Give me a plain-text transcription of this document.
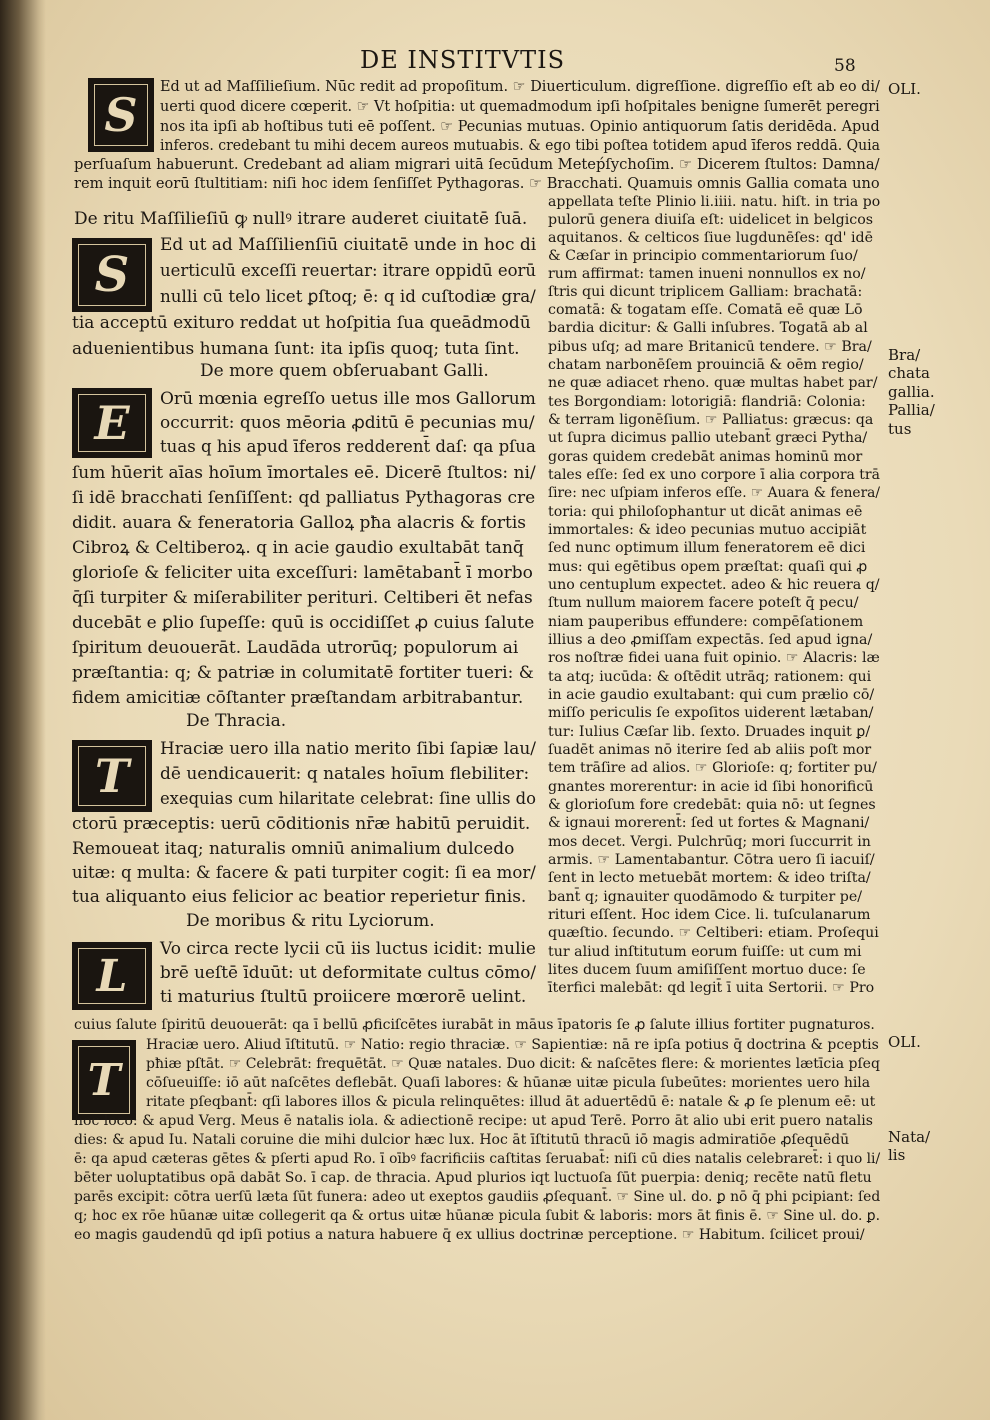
DE INSTITVTIS	58
S
S
E
T
L
T
Ed ut ad Maſſilieſium. Nūc redit ad propoſitum. ☞ Diuerticulum. digreſſione. digreſſio eſt ab eo di/
uerti quod dicere cœperit. ☞ Vt hoſpitia: ut quemadmodum ipſi hoſpitales benigne ſumerēt peregri
nos ita ipſi ab hoſtibus tuti eē poſſent. ☞ Pecunias mutuas. Opinio antiquorum ſatis deridēda. Apud
inferos. credebant tu mihi decem aureos mutuabis. & ego tibi poſtea totidem apud īferos reddā. Quia
perſuaſum habuerunt. Credebant ad aliam migrari uitā ſecūdum Meteṕſychoſim. ☞ Dicerem ſtultos: Damna/
rem inquit eorū ſtultitiam: niſi hoc idem ſenſiſſet Pythagoras. ☞ Bracchati. Quamuis omnis Gallia comata uno
De ritu Maſſilieſiū ꝙ nullꝰ itrare auderet ciuitatē ſuā.
Ed ut ad Maſſilienſiū ciuitatē unde in hoc di
uerticulū exceſſi reuertar: itrare oppidū eorū
nulli cū telo licet ꝑſtoq; ē: q id cuſtodiæ gra/
tia acceptū exituro reddat ut hoſpitia ſua queādmodū
aduenientibus humana ſunt: ita ipſis quoq; tuta ſint.
De more quem obſeruabant Galli.
Orū mœnia egreſſo uetus ille mos Gallorum
occurrit: quos mēoria ꝓditū ē pecunias mu/
tuas q his apud īferos redderent̄ daſ: qa pſua
ſum hūerit aīas hoīum īmortales eē. Dicerē ſtultos: ni/
ſi idē bracchati ſenſiſſent: qd palliatus Pythagoras cre
didit. auara & feneratoria Galloꝝ pħa alacris & fortis
Cibroꝝ & Celtiberoꝝ. q in acie gaudio exultabāt tanq̄
glorioſe & feliciter uita exceſſuri: lamētabant̄ ī morbo
q̄ſi turpiter & miſerabiliter perituri. Celtiberi ēt nefas
ducebāt e ꝑlio ſupeſſe: quū is occidiſſet ꝓ cuius ſalute
ſpiritum deuouerāt. Laudāda utrorūq; populorum ai
præſtantia: q; & patriæ in columitatē fortiter tueri: &
fidem amicitiæ cōſtanter præſtandam arbitrabantur.
De Thracia.
Hraciæ uero illa natio merito ſibi ſapiæ lau/
dē uendicauerit: q natales hoīum flebiliter:
exequias cum hilaritate celebrat: ſine ullis do
ctorū præceptis: uerū cōditionis nr̄æ habitū peruidit.
Remoueat itaq; naturalis omniū animalium dulcedo
uitæ: q multa: & facere & pati turpiter cogit: ſi ea mor/
tua aliquanto eius felicior ac beatior reperietur finis.
De moribus & ritu Lyciorum.
Vo circa recte lycii cū iis luctus icidit: mulie
brē ueſtē īduūt: ut deformitate cultus cōmo/
ti maturius ſtultū proiicere mœrorē uelint.
appellata teſte Plinio li.iiii. natu. hiſt. in tria po
pulorū genera diuiſa eſt: uidelicet in belgicos
aquitanos. & celticos ſiue lugdunēſes: qd' idē
& Cæſar in principio commentariorum ſuo/
rum affirmat: tamen inueni nonnullos ex no/
ſtris qui dicunt triplicem Galliam: brachatā:
comatā: & togatam eſſe. Comatā eē quæ Lō
bardia dicitur: & Galli inſubres. Togatā ab al
pibus uſq; ad mare Britanicū tendere. ☞ Bra/
chatam narbonēſem prouinciā & oēm regio/
ne quæ adiacet rheno. quæ multas habet par/
tes Borgondiam: lotorigiā: flandriā: Colonia:
& terram ligonēſium. ☞ Palliatus: græcus: qa
ut ſupra dicimus pallio utebant̄ græci Pytha/
goras quidem credebāt animas hominū mor
tales eſſe: ſed ex uno corpore ī alia corpora trā
ſire: nec uſpiam inferos eſſe. ☞ Auara & fenera/
toria: qui philoſophantur ut dicāt animas eē
immortales: & ideo pecunias mutuo accipiāt
ſed nunc optimum illum feneratorem eē dici
mus: qui egētibus opem præſtat: quaſi qui ꝓ
uno centuplum expectet. adeo & hic reuera q/
ſtum nullum maiorem facere poteſt q̄ pecu/
niam pauperibus effundere: compēſationem
illius a deo ꝓmiſſam expectās. ſed apud igna/
ros noſtræ fidei uana fuit opinio. ☞ Alacris: læ
ta atq; iucūda: & oſtēdit utrāq; rationem: qui
in acie gaudio exultabant: qui cum prælio cō/
miſſo periculis ſe expoſitos uiderent lætaban/
tur: Iulius Cæſar lib. ſexto. Druades inquit ꝑ/
ſuadēt animas nō iterire ſed ab aliis poſt mor
tem trāſire ad alios. ☞ Glorioſe: q; fortiter pu/
gnantes morerentur: in acie id ſibi honorificū
& glorioſum fore credebāt: quia nō: ut ſegnes
& ignaui morerent̄: ſed ut fortes & Magnani/
mos decet. Vergi. Pulchrūq; mori ſuccurrit in
armis. ☞ Lamentabantur. Cōtra uero ſi iacuiſ/
ſent in lecto metuebāt mortem: & ideo triſta/
bant̄ q; ignauiter quodāmodo & turpiter pe/
rituri eſſent. Hoc idem Cice. li. tuſculanarum
quæſtio. ſecundo. ☞ Celtiberi: etiam. Proſequi
tur aliud inſtitutum eorum fuiſſe: ut cum mi
lites ducem ſuum amiſiſſent mortuo duce: ſe
īterfici malebāt: qd legit̄ ī uita Sertorii. ☞ Pro
cuius ſalute ſpiritū deuouerāt: qa ī bellū ꝓficiſcētes iurabāt in māus īpatoris ſe ꝓ ſalute illius fortiter pugnaturos.
Hraciæ uero. Aliud īſtitutū. ☞ Natio: regio thraciæ. ☞ Sapientiæ: nā re ipſa potius q̄ doctrina & pceptis
pħiæ pſtāt. ☞ Celebrāt: frequētāt. ☞ Quæ natales. Duo dicit: & naſcētes flere: & morientes lætīcia pſeq
cōſueuiſſe: iō aūt naſcētes deflebāt. Quaſi labores: & hūanæ uitæ picula ſubeūtes: morientes uero hila
ritate pſeqbant̄: qſi labores illos & picula relinquētes: illud āt aduertēdū ē: natale & ꝓ ſe plenum eē: ut
hoc loco: & apud Verg. Meus ē natalis iola. & adiectionē recipe: ut apud Terē. Porro āt alio ubi erit puero natalis
dies: & apud Iu. Natali coruine die mihi dulcior hæc lux. Hoc āt īſtitutū thracū iō magis admiratiōe ꝓſequēdū
ē: qa apud cæteras gētes & pſerti apud Ro. ī oībꝰ facrificiis caſtitas ſeruabat̄: niſi cū dies natalis celebraret̄: i quo li/
bēter uoluptatibus opā dabāt So. ī cap. de thracia. Apud plurios iqt luctuoſa ſūt puerpia: deniq; recēte natū fletu
parēs excipit: cōtra uerſū læta ſūt funera: adeo ut exeptos gaudiis ꝓſequant̄. ☞ Sine ul. do. ꝑ nō q̄ phi pcipiant: ſed
q; hoc ex rōe hūanæ uitæ collegerit qa & ortus uitæ hūanæ picula ſubit & laboris: mors āt finis ē. ☞ Sine ul. do. ꝑ.
eo magis gaudendū qd ipſi potius a natura habuere q̄ ex ullius doctrinæ perceptione. ☞ Habitum. ſcilicet proui/
OLI.
Bra/
chata
gallia.
Pallia/
tus
OLI.
Nata/
lis
